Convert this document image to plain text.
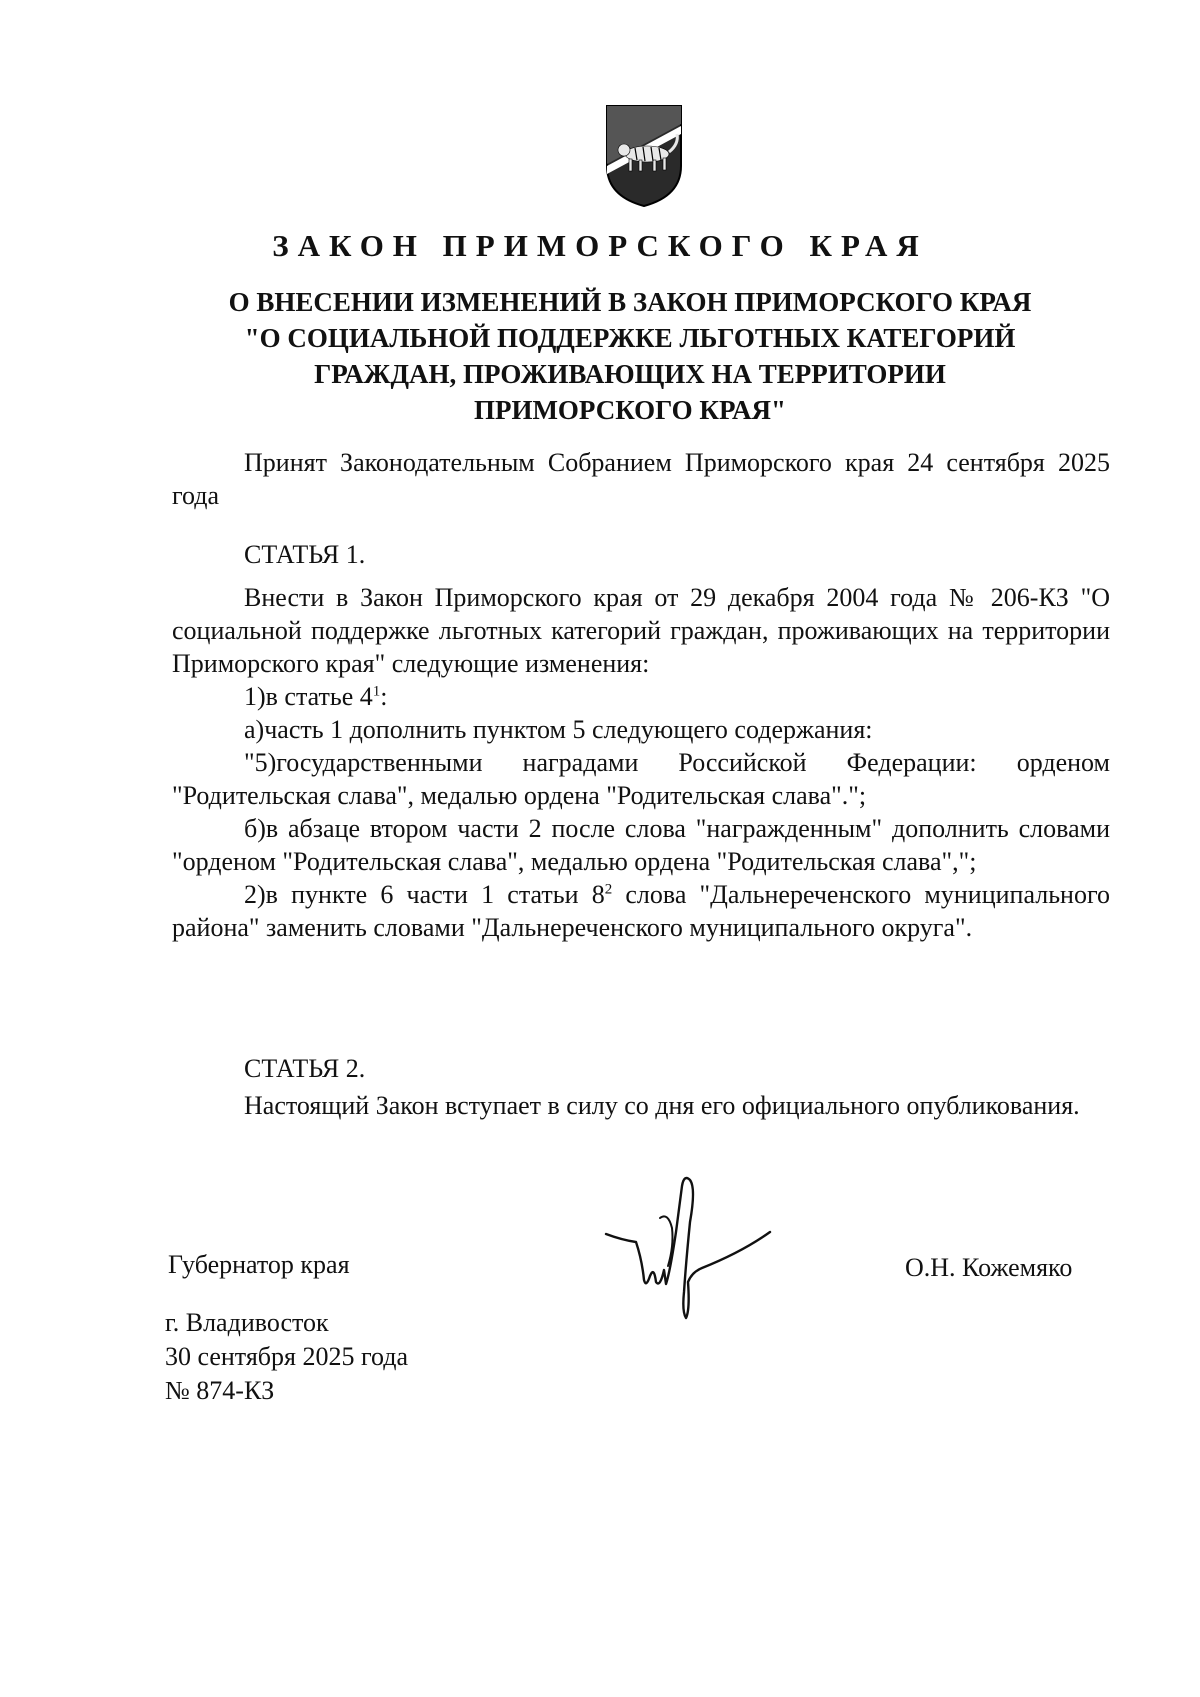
ЗАКОН ПРИМОРСКОГО КРАЯ
О ВНЕСЕНИИ ИЗМЕНЕНИЙ В ЗАКОН ПРИМОРСКОГО КРАЯ
"О СОЦИАЛЬНОЙ ПОДДЕРЖКЕ ЛЬГОТНЫХ КАТЕГОРИЙ
ГРАЖДАН, ПРОЖИВАЮЩИХ НА ТЕРРИТОРИИ
ПРИМОРСКОГО КРАЯ"
Принят Законодательным Собранием Приморского края 24 сентября 2025 года
СТАТЬЯ 1.

Внести в Закон Приморского края от 29 декабря 2004 года № 206-КЗ "О социальной поддержке льготных категорий граждан, проживающих на территории Приморского края" следующие изменения:

1)в статье $4^1$:

а)часть 1 дополнить пунктом 5 следующего содержания:

"5)государственными наградами Российской Федерации: орденом "Родительская слава", медалью ордена "Родительская слава".";

б)в абзаце втором части 2 после слова "награжденным" дополнить словами "орденом "Родительская слава", медалью ордена "Родительская слава",";

2)в пункте 6 части 1 статьи $8^2$ слова "Дальнереченского муниципального района" заменить словами "Дальнереченского муниципального округа".

СТАТЬЯ 2.

Настоящий Закон вступает в силу со дня его официального опубликования.

Губернатор края	О.Н. Кожемяко
г. Владивосток
30 сентября 2025 года
№ 874-КЗ
